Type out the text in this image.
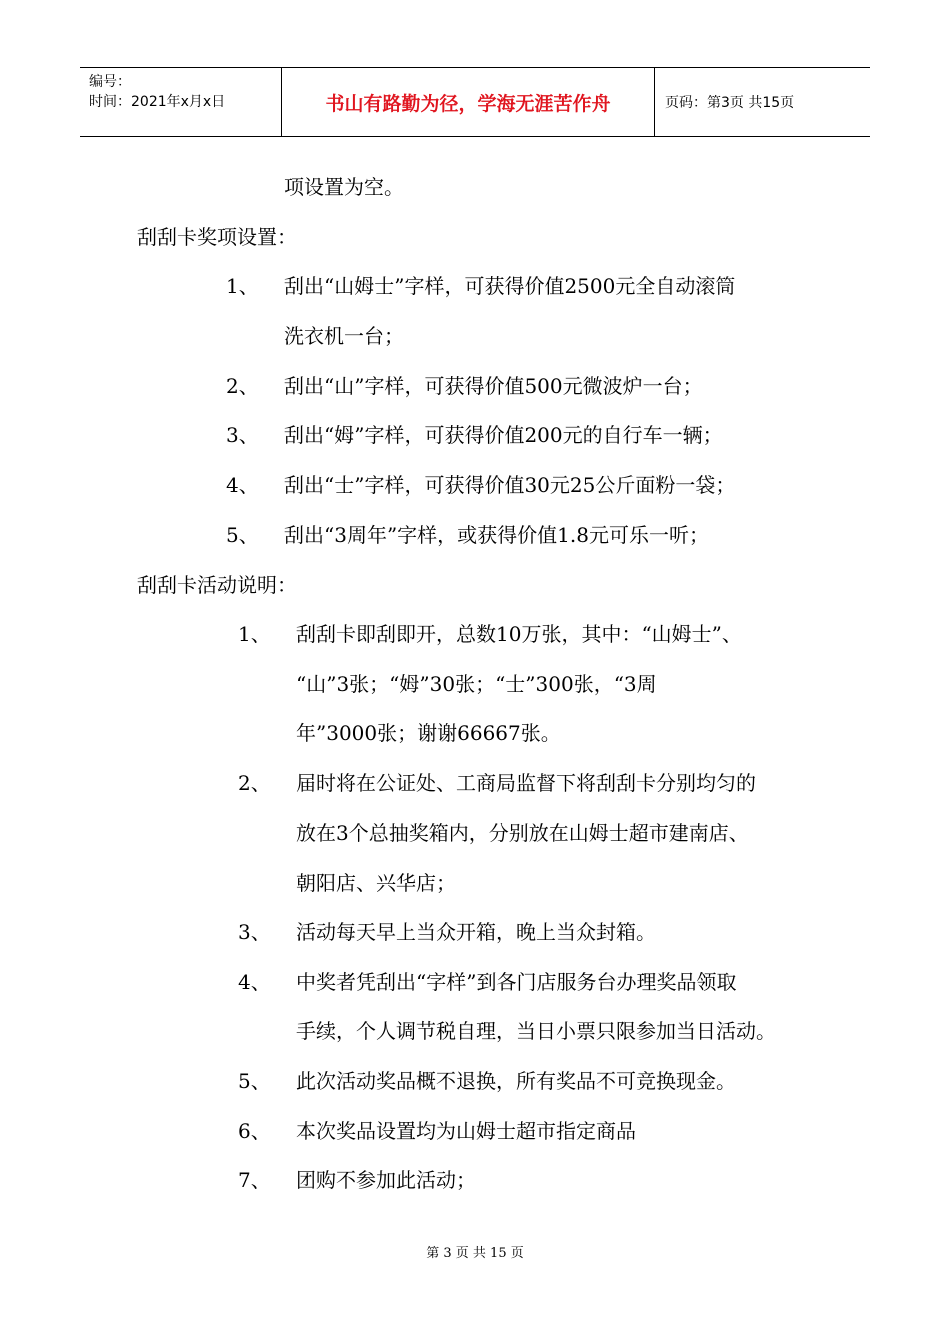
编号：
时间：2021年x月x日	书山有路勤为径，学海无涯苦作舟	页码：第3页 共15页
项设置为空。
刮刮卡奖项设置：
1、 刮出“山姆士”字样，可获得价值2500元全自动滚筒
洗衣机一台；
2、 刮出“山”字样，可获得价值500元微波炉一台；
3、 刮出“姆”字样，可获得价值200元的自行车一辆；
4、 刮出“士”字样，可获得价值30元25公斤面粉一袋；
5、 刮出“3周年”字样，或获得价值1.8元可乐一听；
刮刮卡活动说明：
1、 刮刮卡即刮即开，总数10万张，其中：“山姆士”、
“山”3张；“姆”30张；“士”300张，“3周
年”3000张；谢谢66667张。
2、 届时将在公证处、工商局监督下将刮刮卡分别均匀的
放在3个总抽奖箱内，分别放在山姆士超市建南店、
朝阳店、兴华店；
3、 活动每天早上当众开箱，晚上当众封箱。
4、 中奖者凭刮出“字样”到各门店服务台办理奖品领取
手续，个人调节税自理，当日小票只限参加当日活动。
5、 此次活动奖品概不退换，所有奖品不可竞换现金。
6、 本次奖品设置均为山姆士超市指定商品
7、 团购不参加此活动；
第 3 页 共 15 页
